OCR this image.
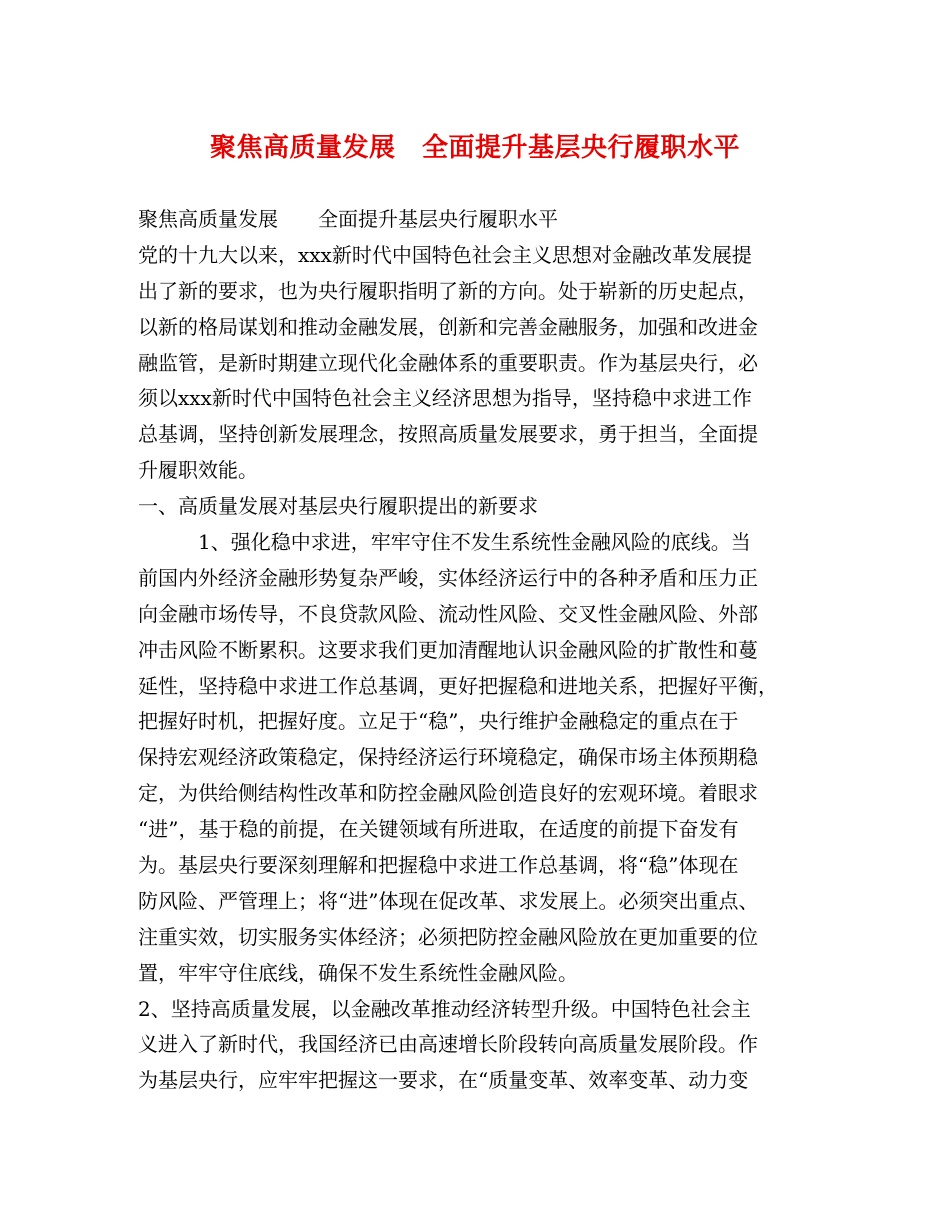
聚焦高质量发展　全面提升基层央行履职水平
聚焦高质量发展　　全面提升基层央行履职水平
党的十九大以来，xxx新时代中国特色社会主义思想对金融改革发展提
出了新的要求，也为央行履职指明了新的方向。处于崭新的历史起点，
以新的格局谋划和推动金融发展，创新和完善金融服务，加强和改进金
融监管，是新时期建立现代化金融体系的重要职责。作为基层央行，必
须以xxx新时代中国特色社会主义经济思想为指导，坚持稳中求进工作
总基调，坚持创新发展理念，按照高质量发展要求，勇于担当，全面提
升履职效能。
一、高质量发展对基层央行履职提出的新要求
　　　1、强化稳中求进，牢牢守住不发生系统性金融风险的底线。当
前国内外经济金融形势复杂严峻，实体经济运行中的各种矛盾和压力正
向金融市场传导，不良贷款风险、流动性风险、交叉性金融风险、外部
冲击风险不断累积。这要求我们更加清醒地认识金融风险的扩散性和蔓
延性，坚持稳中求进工作总基调，更好把握稳和进地关系，把握好平衡，
把握好时机，把握好度。立足于“稳”，央行维护金融稳定的重点在于
保持宏观经济政策稳定，保持经济运行环境稳定，确保市场主体预期稳
定，为供给侧结构性改革和防控金融风险创造良好的宏观环境。着眼求
“进”，基于稳的前提，在关键领域有所进取，在适度的前提下奋发有
为。基层央行要深刻理解和把握稳中求进工作总基调，将“稳”体现在
防风险、严管理上；将“进”体现在促改革、求发展上。必须突出重点、
注重实效，切实服务实体经济；必须把防控金融风险放在更加重要的位
置，牢牢守住底线，确保不发生系统性金融风险。
2、坚持高质量发展，以金融改革推动经济转型升级。中国特色社会主
义进入了新时代，我国经济已由高速增长阶段转向高质量发展阶段。作
为基层央行，应牢牢把握这一要求，在“质量变革、效率变革、动力变
